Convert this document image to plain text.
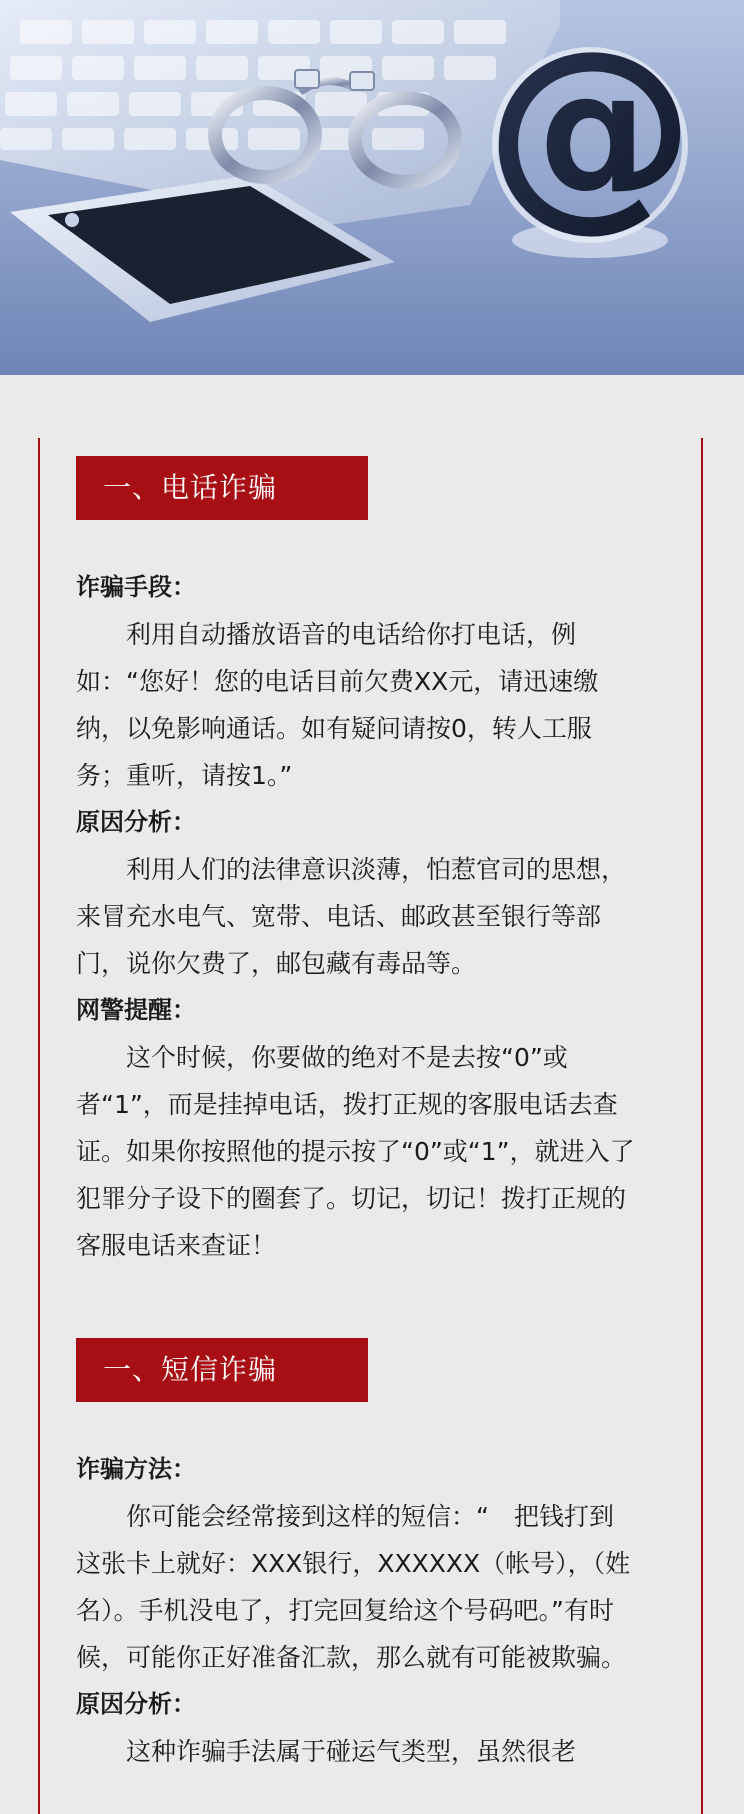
@
一、电话诈骗

诈骗手段：

利用自动播放语音的电话给你打电话，例如：“您好！您的电话目前欠费XX元，请迅速缴纳，以免影响通话。如有疑问请按0，转人工服务；重听，请按1。”

原因分析：

利用人们的法律意识淡薄，怕惹官司的思想，来冒充水电气、宽带、电话、邮政甚至银行等部门，说你欠费了，邮包藏有毒品等。

网警提醒：

这个时候，你要做的绝对不是去按“0”或者“1”，而是挂掉电话，拨打正规的客服电话去查证。如果你按照他的提示按了“0”或“1”，就进入了犯罪分子设下的圈套了。切记，切记！拨打正规的客服电话来查证！

一、短信诈骗

诈骗方法：

你可能会经常接到这样的短信：“　把钱打到这张卡上就好：XXX银行，XXXXXX（帐号），（姓名）。手机没电了，打完回复给这个号码吧。”有时候，可能你正好准备汇款，那么就有可能被欺骗。

原因分析：

这种诈骗手法属于碰运气类型，虽然很老
